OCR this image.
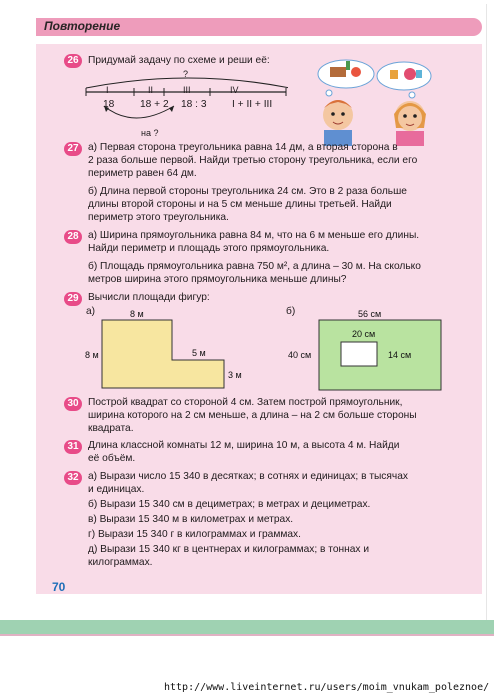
Повторение
26 Придумай задачу по схеме и реши её:
?
I	II	III	IV
18	18 + 2 18 : 3	I + II + III
на ?
27 а) Первая сторона треугольника равна 14 дм, а вторая сторона в
2 раза больше первой. Найди третью сторону треугольника, если его
периметр равен 64 дм.
б) Длина первой стороны треугольника 24 см. Это в 2 раза больше
длины второй стороны и на 5 см меньше длины третьей. Найди
периметр этого треугольника.
28 а) Ширина прямоугольника равна 84 м, что на 6 м меньше его длины.
Найди периметр и площадь этого прямоугольника.
б) Площадь прямоугольника равна 750 м², а длина – 30 м. На сколько
метров ширина этого прямоугольника меньше длины?
29 Вычисли площади фигур:
а)	б)
8 м
8 м	5 м
3 м
56 см
40 см
20 см
14 см
30 Построй квадрат со стороной 4 см. Затем построй прямоугольник,
ширина которого на 2 см меньше, а длина – на 2 см больше стороны
квадрата.
31 Длина классной комнаты 12 м, ширина 10 м, а высота 4 м. Найди
её объём.
32 а) Вырази число 15 340 в десятках; в сотнях и единицах; в тысячах
и единицах.
б) Вырази 15 340 см в дециметрах; в метрах и дециметрах.
в) Вырази 15 340 м в километрах и метрах.
г) Вырази 15 340 г в килограммах и граммах.
д) Вырази 15 340 кг в центнерах и килограммах; в тоннах и
килограммах.
70
http://www.liveinternet.ru/users/moim_vnukam_poleznoe/
